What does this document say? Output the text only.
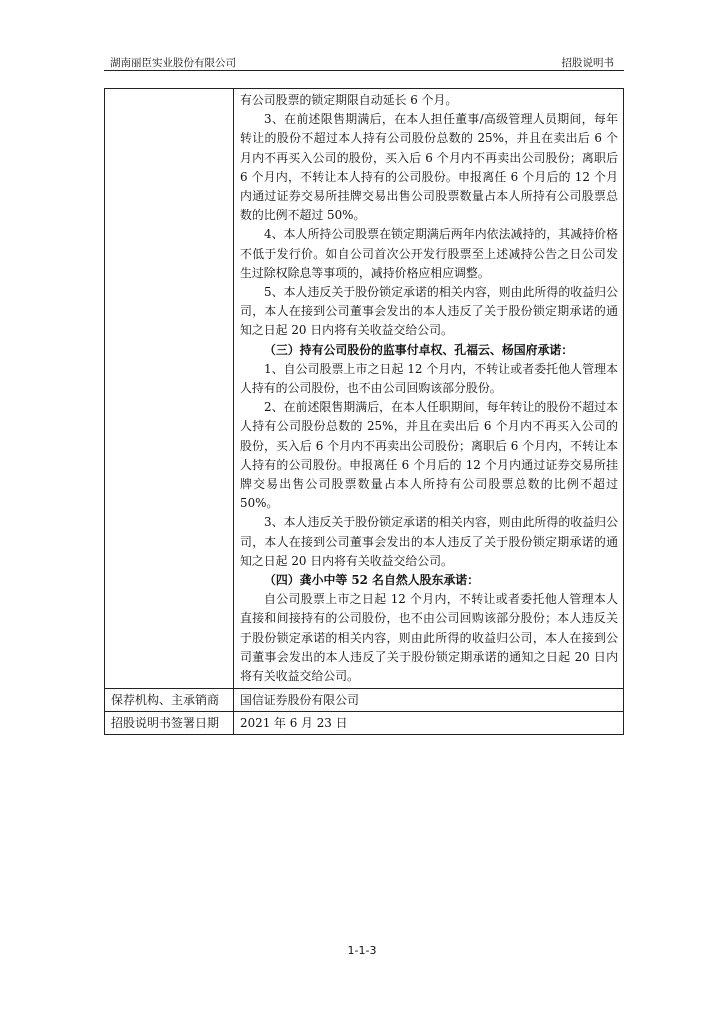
湖南丽臣实业股份有限公司	招股说明书

有公司股票的锁定期限自动延长 6 个月。

3、在前述限售期满后，在本人担任董事/高级管理人员期间，每年转让的股份不超过本人持有公司股份总数的 25%，并且在卖出后 6 个月内不再买入公司的股份，买入后 6 个月内不再卖出公司股份；离职后 6 个月内，不转让本人持有的公司股份。申报离任 6 个月后的 12 个月内通过证券交易所挂牌交易出售公司股票数量占本人所持有公司股票总数的比例不超过 50%。

4、本人所持公司股票在锁定期满后两年内依法减持的，其减持价格不低于发行价。如自公司首次公开发行股票至上述减持公告之日公司发生过除权除息等事项的，减持价格应相应调整。

5、本人违反关于股份锁定承诺的相关内容，则由此所得的收益归公司，本人在接到公司董事会发出的本人违反了关于股份锁定期承诺的通知之日起 20 日内将有关收益交给公司。

（三）持有公司股份的监事付卓权、孔福云、杨国府承诺：

1、自公司股票上市之日起 12 个月内，不转让或者委托他人管理本人持有的公司股份，也不由公司回购该部分股份。

2、在前述限售期满后，在本人任职期间，每年转让的股份不超过本人持有公司股份总数的 25%，并且在卖出后 6 个月内不再买入公司的股份，买入后 6 个月内不再卖出公司股份；离职后 6 个月内，不转让本人持有的公司股份。申报离任 6 个月后的 12 个月内通过证券交易所挂牌交易出售公司股票数量占本人所持有公司股票总数的比例不超过 50%。

3、本人违反关于股份锁定承诺的相关内容，则由此所得的收益归公司，本人在接到公司董事会发出的本人违反了关于股份锁定期承诺的通知之日起 20 日内将有关收益交给公司。

（四）龚小中等 52 名自然人股东承诺：

自公司股票上市之日起 12 个月内，不转让或者委托他人管理本人直接和间接持有的公司股份，也不由公司回购该部分股份；本人违反关于股份锁定承诺的相关内容，则由此所得的收益归公司，本人在接到公司董事会发出的本人违反了关于股份锁定期承诺的通知之日起 20 日内将有关收益交给公司。

保荐机构、主承销商	国信证券股份有限公司
招股说明书签署日期	2021 年 6 月 23 日
1-1-3
